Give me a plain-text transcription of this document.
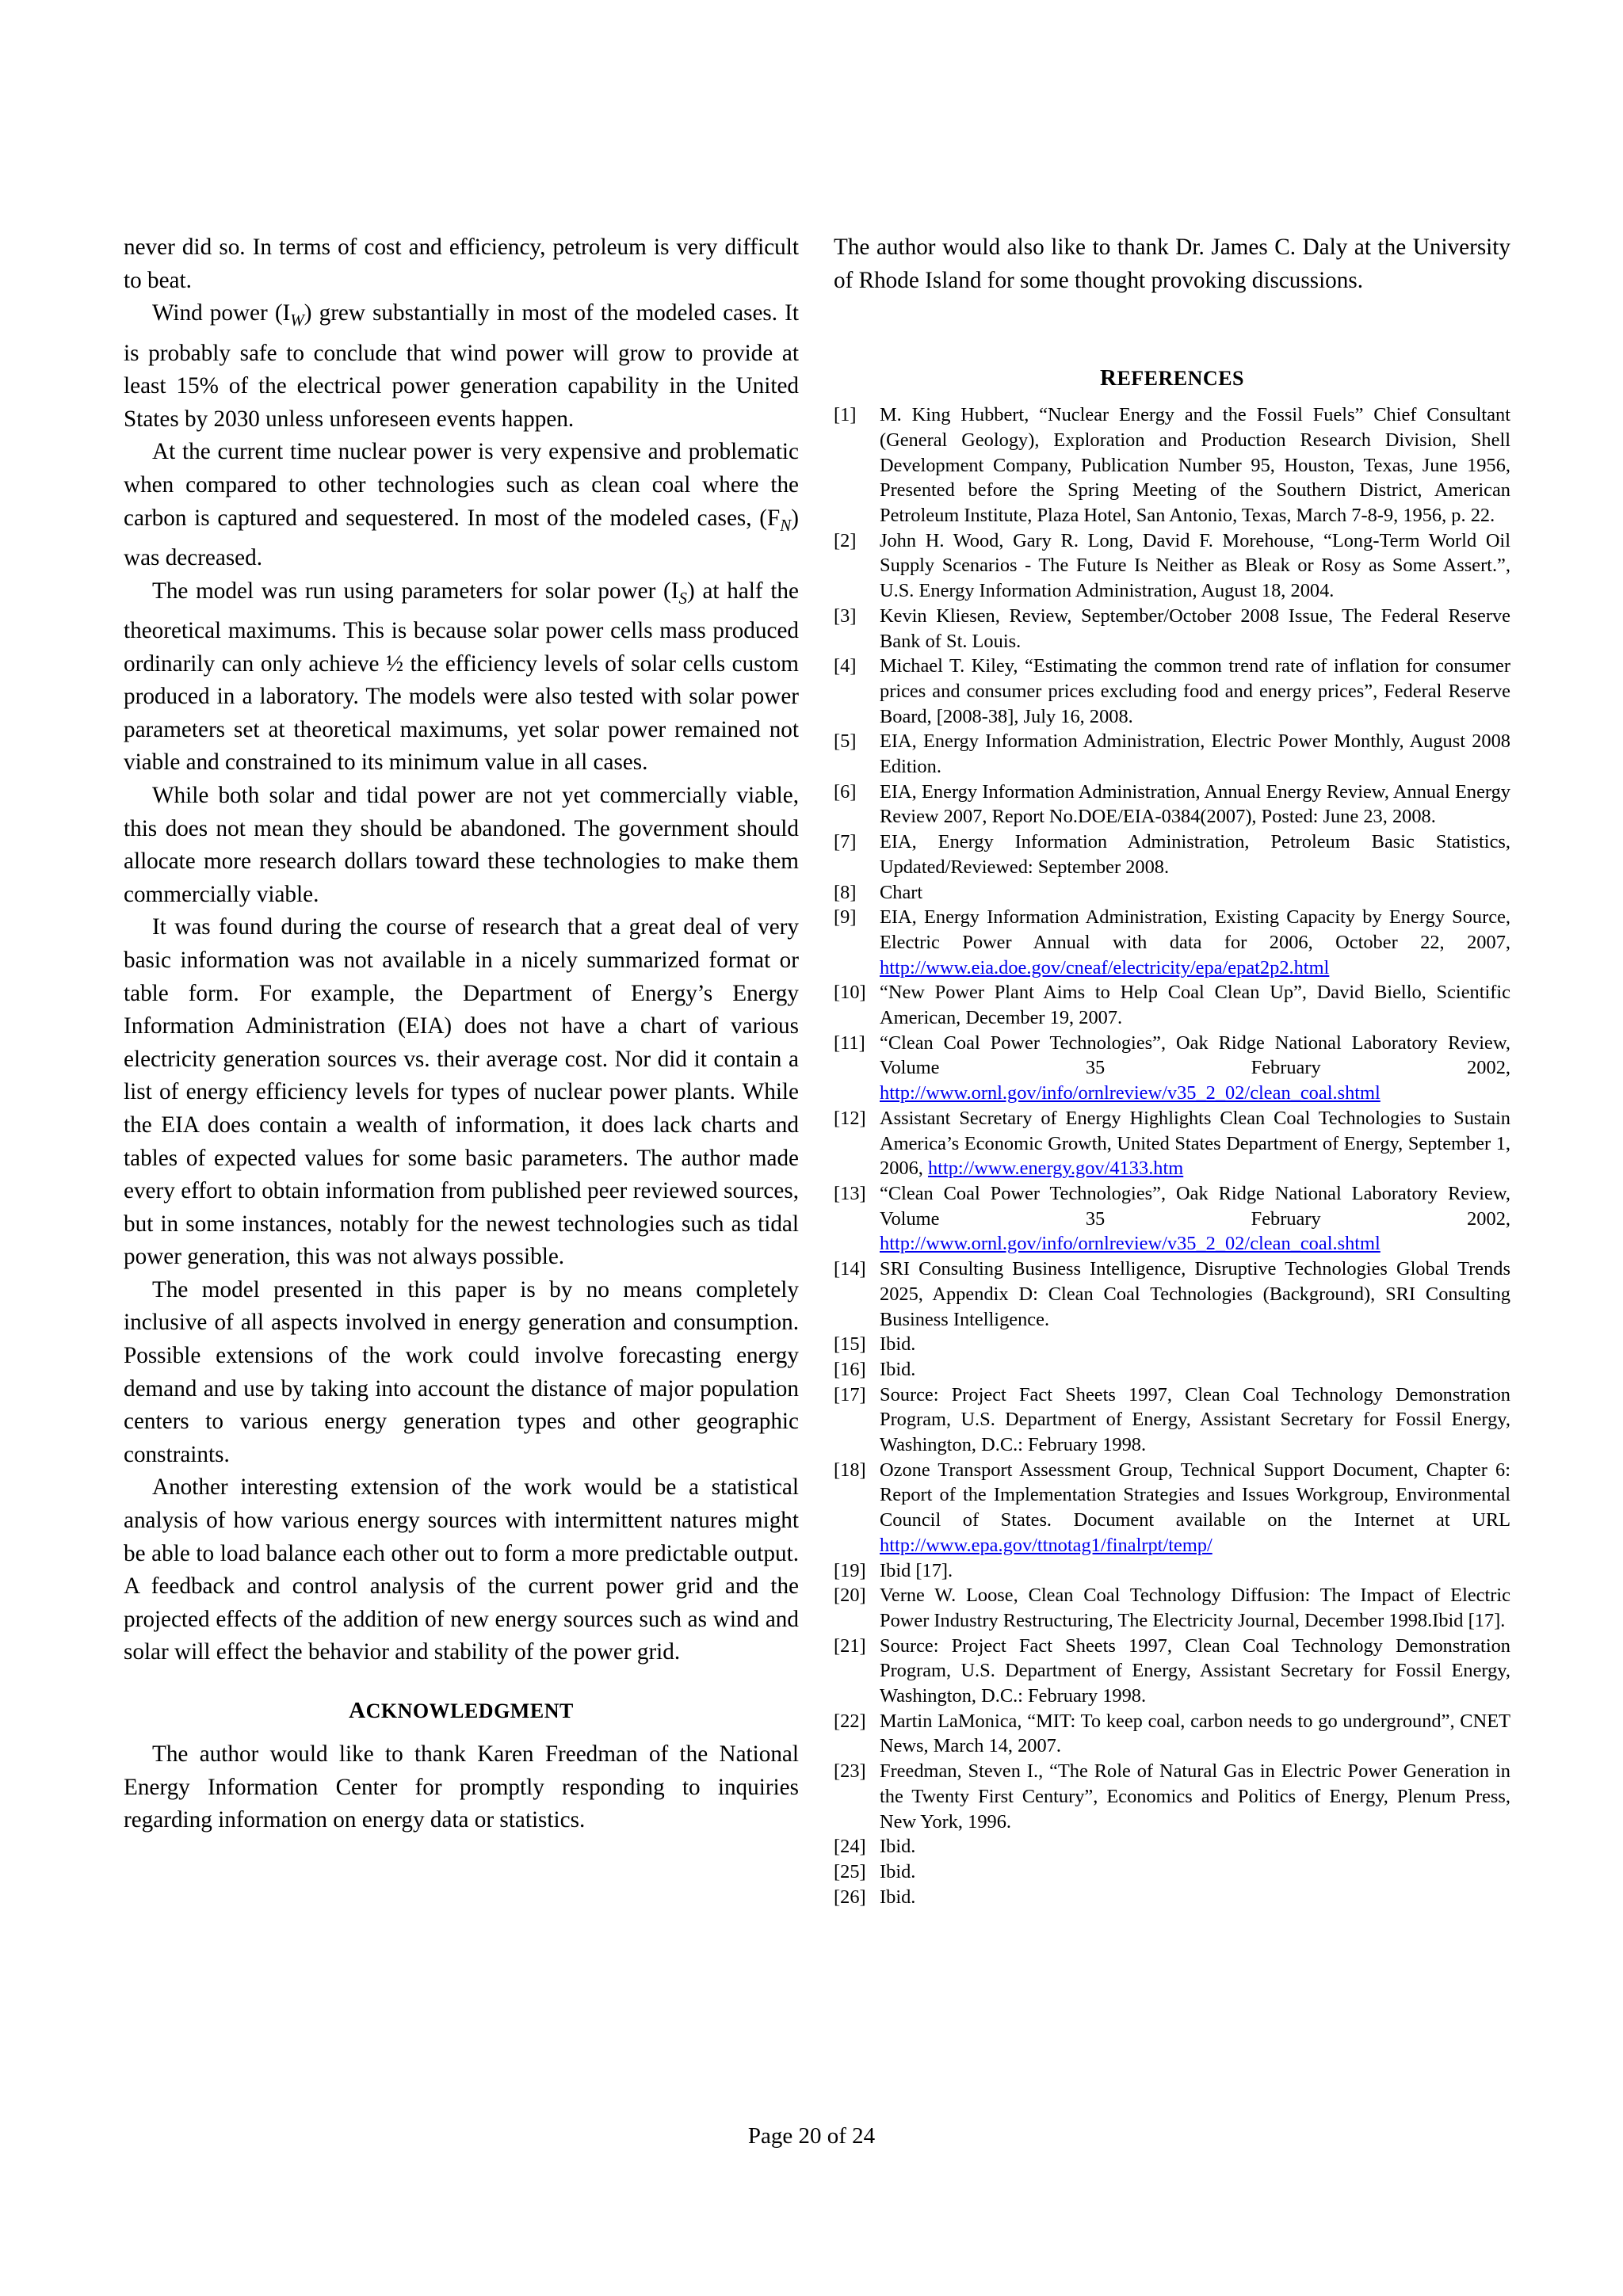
never did so. In terms of cost and efficiency, petroleum is very difficult to beat.

Wind power $(I_W)$ grew substantially in most of the modeled cases. It is probably safe to conclude that wind power will grow to provide at least 15% of the electrical power generation capability in the United States by 2030 unless unforeseen events happen.

At the current time nuclear power is very expensive and problematic when compared to other technologies such as clean coal where the carbon is captured and sequestered. In most of the modeled cases, $(F_N)$ was decreased.

The model was run using parameters for solar power $(I_S)$ at half the theoretical maximums. This is because solar power cells mass produced ordinarily can only achieve ½ the efficiency levels of solar cells custom produced in a laboratory. The models were also tested with solar power parameters set at theoretical maximums, yet solar power remained not viable and constrained to its minimum value in all cases.

While both solar and tidal power are not yet commercially viable, this does not mean they should be abandoned. The government should allocate more research dollars toward these technologies to make them commercially viable.

It was found during the course of research that a great deal of very basic information was not available in a nicely summarized format or table form. For example, the Department of Energy’s Energy Information Administration (EIA) does not have a chart of various electricity generation sources vs. their average cost. Nor did it contain a list of energy efficiency levels for types of nuclear power plants. While the EIA does contain a wealth of information, it does lack charts and tables of expected values for some basic parameters. The author made every effort to obtain information from published peer reviewed sources, but in some instances, notably for the newest technologies such as tidal power generation, this was not always possible.

The model presented in this paper is by no means completely inclusive of all aspects involved in energy generation and consumption. Possible extensions of the work could involve forecasting energy demand and use by taking into account the distance of major population centers to various energy generation types and other geographic constraints.

Another interesting extension of the work would be a statistical analysis of how various energy sources with intermittent natures might be able to load balance each other out to form a more predictable output. A feedback and control analysis of the current power grid and the projected effects of the addition of new energy sources such as wind and solar will effect the behavior and stability of the power grid.

ACKNOWLEDGMENT

The author would like to thank Karen Freedman of the National Energy Information Center for promptly responding to inquiries regarding information on energy data or statistics.

The author would also like to thank Dr. James C. Daly at the University of Rhode Island for some thought provoking discussions.

REFERENCES
[1]	M. King Hubbert, “Nuclear Energy and the Fossil Fuels” Chief Consultant (General Geology), Exploration and Production Research Division, Shell Development Company, Publication Number 95, Houston, Texas, June 1956, Presented before the Spring Meeting of the Southern District, American Petroleum Institute, Plaza Hotel, San Antonio, Texas, March 7-8-9, 1956, p. 22.
[2]	John H. Wood, Gary R. Long, David F. Morehouse, “Long-Term World Oil Supply Scenarios - The Future Is Neither as Bleak or Rosy as Some Assert.”, U.S. Energy Information Administration, August 18, 2004.
[3]	Kevin Kliesen, Review, September/October 2008 Issue, The Federal Reserve Bank of St. Louis.
[4]	Michael T. Kiley, “Estimating the common trend rate of inflation for consumer prices and consumer prices excluding food and energy prices”, Federal Reserve Board, [2008-38], July 16, 2008.
[5]	EIA, Energy Information Administration, Electric Power Monthly, August 2008 Edition.
[6]	EIA, Energy Information Administration, Annual Energy Review, Annual Energy Review 2007, Report No.DOE/EIA-0384(2007), Posted: June 23, 2008.
[7]	EIA, Energy Information Administration, Petroleum Basic Statistics, Updated/Reviewed: September 2008.
[8]	Chart
[9]	EIA, Energy Information Administration, Existing Capacity by Energy Source, Electric Power Annual with data for 2006, October 22, 2007, http://www.eia.doe.gov/cneaf/electricity/epa/epat2p2.html
[10] “New Power Plant Aims to Help Coal Clean Up”, David Biello, Scientific American, December 19, 2007.
[11] “Clean Coal Power Technologies”, Oak Ridge National Laboratory Review, Volume 35 February 2002, http://www.ornl.gov/info/ornlreview/v35_2_02/clean_coal.shtml
[12] Assistant Secretary of Energy Highlights Clean Coal Technologies to Sustain America’s Economic Growth, United States Department of Energy, September 1, 2006, http://www.energy.gov/4133.htm
[13] “Clean Coal Power Technologies”, Oak Ridge National Laboratory Review, Volume 35 February 2002, http://www.ornl.gov/info/ornlreview/v35_2_02/clean_coal.shtml
[14] SRI Consulting Business Intelligence, Disruptive Technologies Global Trends 2025, Appendix D: Clean Coal Technologies (Background), SRI Consulting Business Intelligence.
[15] Ibid.
[16] Ibid.
[17] Source: Project Fact Sheets 1997, Clean Coal Technology Demonstration Program, U.S. Department of Energy, Assistant Secretary for Fossil Energy, Washington, D.C.: February 1998.
[18] Ozone Transport Assessment Group, Technical Support Document, Chapter 6: Report of the Implementation Strategies and Issues Workgroup, Environmental Council of States. Document available on the Internet at URL http://www.epa.gov/ttnotag1/finalrpt/temp/
[19] Ibid [17].
[20] Verne W. Loose, Clean Coal Technology Diffusion: The Impact of Electric Power Industry Restructuring, The Electricity Journal, December 1998.Ibid [17].
[21] Source: Project Fact Sheets 1997, Clean Coal Technology Demonstration Program, U.S. Department of Energy, Assistant Secretary for Fossil Energy, Washington, D.C.: February 1998.
[22] Martin LaMonica, “MIT: To keep coal, carbon needs to go underground”, CNET News, March 14, 2007.
[23] Freedman, Steven I., “The Role of Natural Gas in Electric Power Generation in the Twenty First Century”, Economics and Politics of Energy, Plenum Press, New York, 1996.
[24] Ibid.
[25] Ibid.
[26] Ibid.

Page 20 of 24
